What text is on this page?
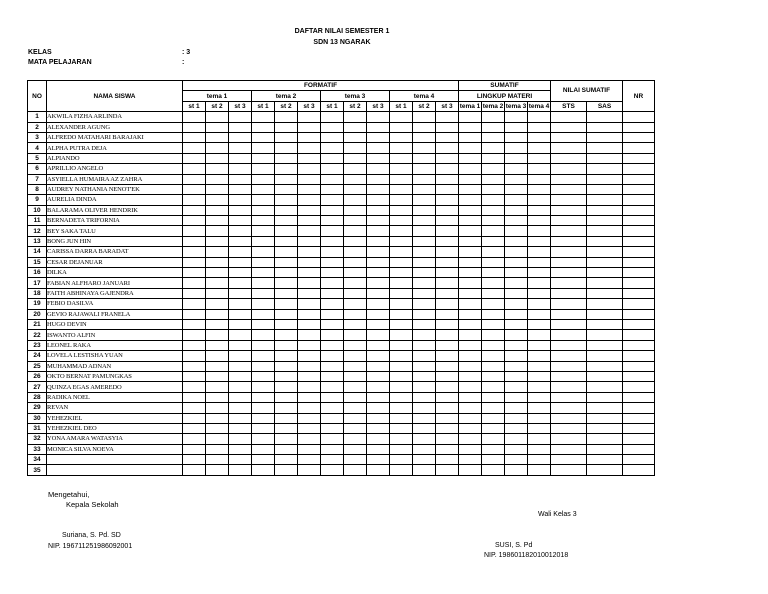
DAFTAR NILAI SEMESTER 1
SDN 13 NGARAK
KELAS	: 3
MATA PELAJARAN	:
NO	NAMA SISWA	FORMATIF												SUMATIF				NILAI SUMATIF		NR
		tema 1			tema 2			tema 3			tema 4			LINGKUP MATERI						
		st 1	st 2	st 3	st 1	st 2	st 3	st 1	st 2	st 3	st 1	st 2	st 3	tema 1	tema 2	tema 3	tema 4	STS	SAS	
1	AKWILA FIZHA ARLINDA																			
2	ALEXANDER AGUNG																			
3	ALFREDO MATAHARI BARAJAKI																			
4	ALPHA PUTRA DEJA																			
5	ALPIANDO																			
6	APRILLIO ANGELO																			
7	ASYIELLA HUMAIRA AZ ZAHRA																			
8	AUDREY NATHANIA NENOT'EK																			
9	AURELIA DINDA																			
10	BALARAMA OLIVER HENDRIK																			
11	BERNADETA TRIFORNIA																			
12	BEY SAKA TALU																			
13	BONG JUN HIN																			
14	CARISSA DARRA BARADAT																			
15	CESAR DEJANUAR																			
16	DILKA																			
17	FABIAN ALFHARO JANUARI																			
18	FAITH ABHINAYA GAJENDRA																			
19	FEBIO DASILVA																			
20	GEVIO RAJAWALI FRANELA																			
21	HUGO DEVIN																			
22	ISWANTO ALFIN																			
23	LEONEL RAKA																			
24	LOVELA LESTISHA YUAN																			
25	MUHAMMAD ADNAN																			
26	OKTO BERNAT PAMUNGKAS																			
27	QUINZA EGAS AMEREDO																			
28	RADIKA NOEL																			
29	REVAN																			
30	YEHEZKIEL																			
31	YEHEZKIEL DEO																			
32	YONA AMARA WATASYIA																			
33	MONICA SILVA NOEVA																			
34																				
35																				
Mengetahui,
Kepala Sekolah
Wali Kelas 3
Suriana, S. Pd. SD
NIP. 196711251986092001	SUSI, S. Pd
NIP. 198601182010012018
